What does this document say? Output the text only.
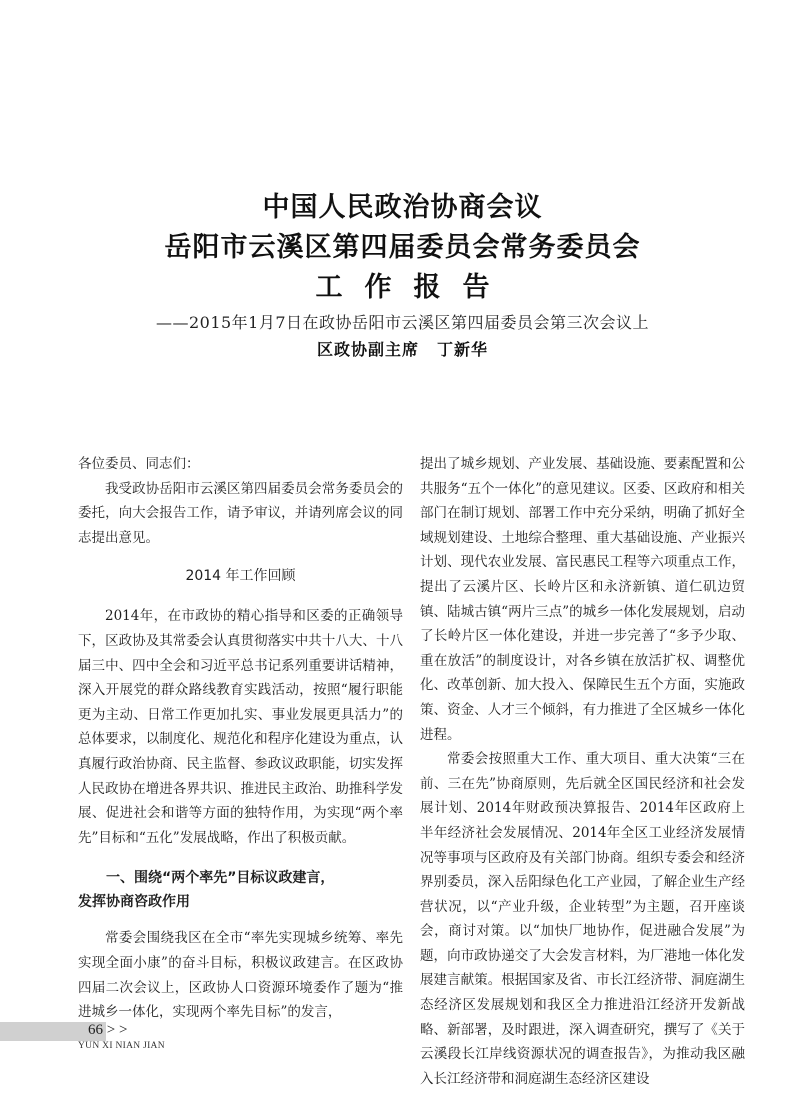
中国人民政治协商会议
岳阳市云溪区第四届委员会常务委员会
工作报告
——2015年1月7日在政协岳阳市云溪区第四届委员会第三次会议上
区政协副主席 丁新华

各位委员、同志们：

我受政协岳阳市云溪区第四届委员会常务委员会的委托，向大会报告工作，请予审议，并请列席会议的同志提出意见。

2014 年工作回顾

2014年，在市政协的精心指导和区委的正确领导下，区政协及其常委会认真贯彻落实中共十八大、十八届三中、四中全会和习近平总书记系列重要讲话精神，深入开展党的群众路线教育实践活动，按照“履行职能更为主动、日常工作更加扎实、事业发展更具活力”的总体要求，以制度化、规范化和程序化建设为重点，认真履行政治协商、民主监督、参政议政职能，切实发挥人民政协在增进各界共识、推进民主政治、助推科学发展、促进社会和谐等方面的独特作用，为实现“两个率先”目标和“五化”发展战略，作出了积极贡献。

一、围绕“两个率先”目标议政建言，
发挥协商咨政作用

常委会围绕我区在全市“率先实现城乡统筹、率先实现全面小康”的奋斗目标，积极议政建言。在区政协四届二次会议上，区政协人口资源环境委作了题为“推进城乡一体化，实现两个率先目标”的发言，

提出了城乡规划、产业发展、基础设施、要素配置和公共服务“五个一体化”的意见建议。区委、区政府和相关部门在制订规划、部署工作中充分采纳，明确了抓好全域规划建设、土地综合整理、重大基础设施、产业振兴计划、现代农业发展、富民惠民工程等六项重点工作，提出了云溪片区、长岭片区和永济新镇、道仁矶边贸镇、陆城古镇“两片三点”的城乡一体化发展规划，启动了长岭片区一体化建设，并进一步完善了“多予少取、重在放活”的制度设计，对各乡镇在放活扩权、调整优化、改革创新、加大投入、保障民生五个方面，实施政策、资金、人才三个倾斜，有力推进了全区城乡一体化进程。

常委会按照重大工作、重大项目、重大决策“三在前、三在先”协商原则，先后就全区国民经济和社会发展计划、2014年财政预决算报告、2014年区政府上半年经济社会发展情况、2014年全区工业经济发展情况等事项与区政府及有关部门协商。组织专委会和经济界别委员，深入岳阳绿色化工产业园，了解企业生产经营状况，以“产业升级，企业转型”为主题，召开座谈会，商讨对策。以“加快厂地协作，促进融合发展”为题，向市政协递交了大会发言材料，为厂港地一体化发展建言献策。根据国家及省、市长江经济带、洞庭湖生态经济区发展规划和我区全力推进沿江经济开发新战略、新部署，及时跟进，深入调查研究，撰写了《关于云溪段长江岸线资源状况的调查报告》，为推动我区融入长江经济带和洞庭湖生态经济区建设

66 > >
YUN XI NIAN JIAN
